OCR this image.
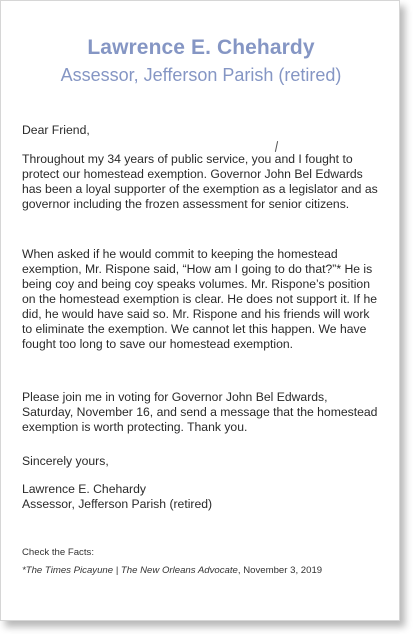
Lawrence E. Chehardy
Assessor, Jefferson Parish (retired)
Dear Friend,
Throughout my 34 years of public service, you and I fought to protect our homestead exemption. Governor John Bel Edwards has been a loyal supporter of the exemption as a legislator and as governor including the frozen assessment for senior citizens.
When asked if he would commit to keeping the homestead exemption, Mr. Rispone said, “How am I going to do that?”* He is being coy and being coy speaks volumes. Mr. Rispone’s position on the homestead exemption is clear. He does not support it. If he did, he would have said so. Mr. Rispone and his friends will work to eliminate the exemption. We cannot let this happen. We have fought too long to save our homestead exemption.
Please join me in voting for Governor John Bel Edwards, Saturday, November 16, and send a message that the homestead exemption is worth protecting. Thank you.
Sincerely yours,
Lawrence E. Chehardy
Assessor, Jefferson Parish (retired)
Check the Facts:
*The Times Picayune | The New Orleans Advocate, November 3, 2019
